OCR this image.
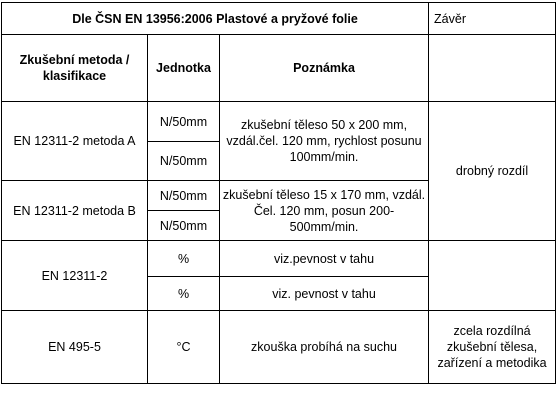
Dle ČSN EN 13956:2006 Plastové a pryžové folie			Závěr
Zkušební metoda / klasifikace	Jednotka	Poznámka	
EN 12311-2 metoda A	N/50mm	zkušební těleso 50 x 200 mm, vzdál.čel. 120 mm, rychlost posunu 100mm/min.	drobný rozdíl
	N/50mm		
EN 12311-2 metoda B	N/50mm	zkušební těleso 15 x 170 mm, vzdál. Čel. 120 mm, posun 200-500mm/min.	
	N/50mm		
EN 12311-2	%	viz.pevnost v tahu	
	%	viz. pevnost v tahu	
EN 495-5	°C	zkouška probíhá na suchu	zcela rozdílná zkušební tělesa, zařízení a metodika
